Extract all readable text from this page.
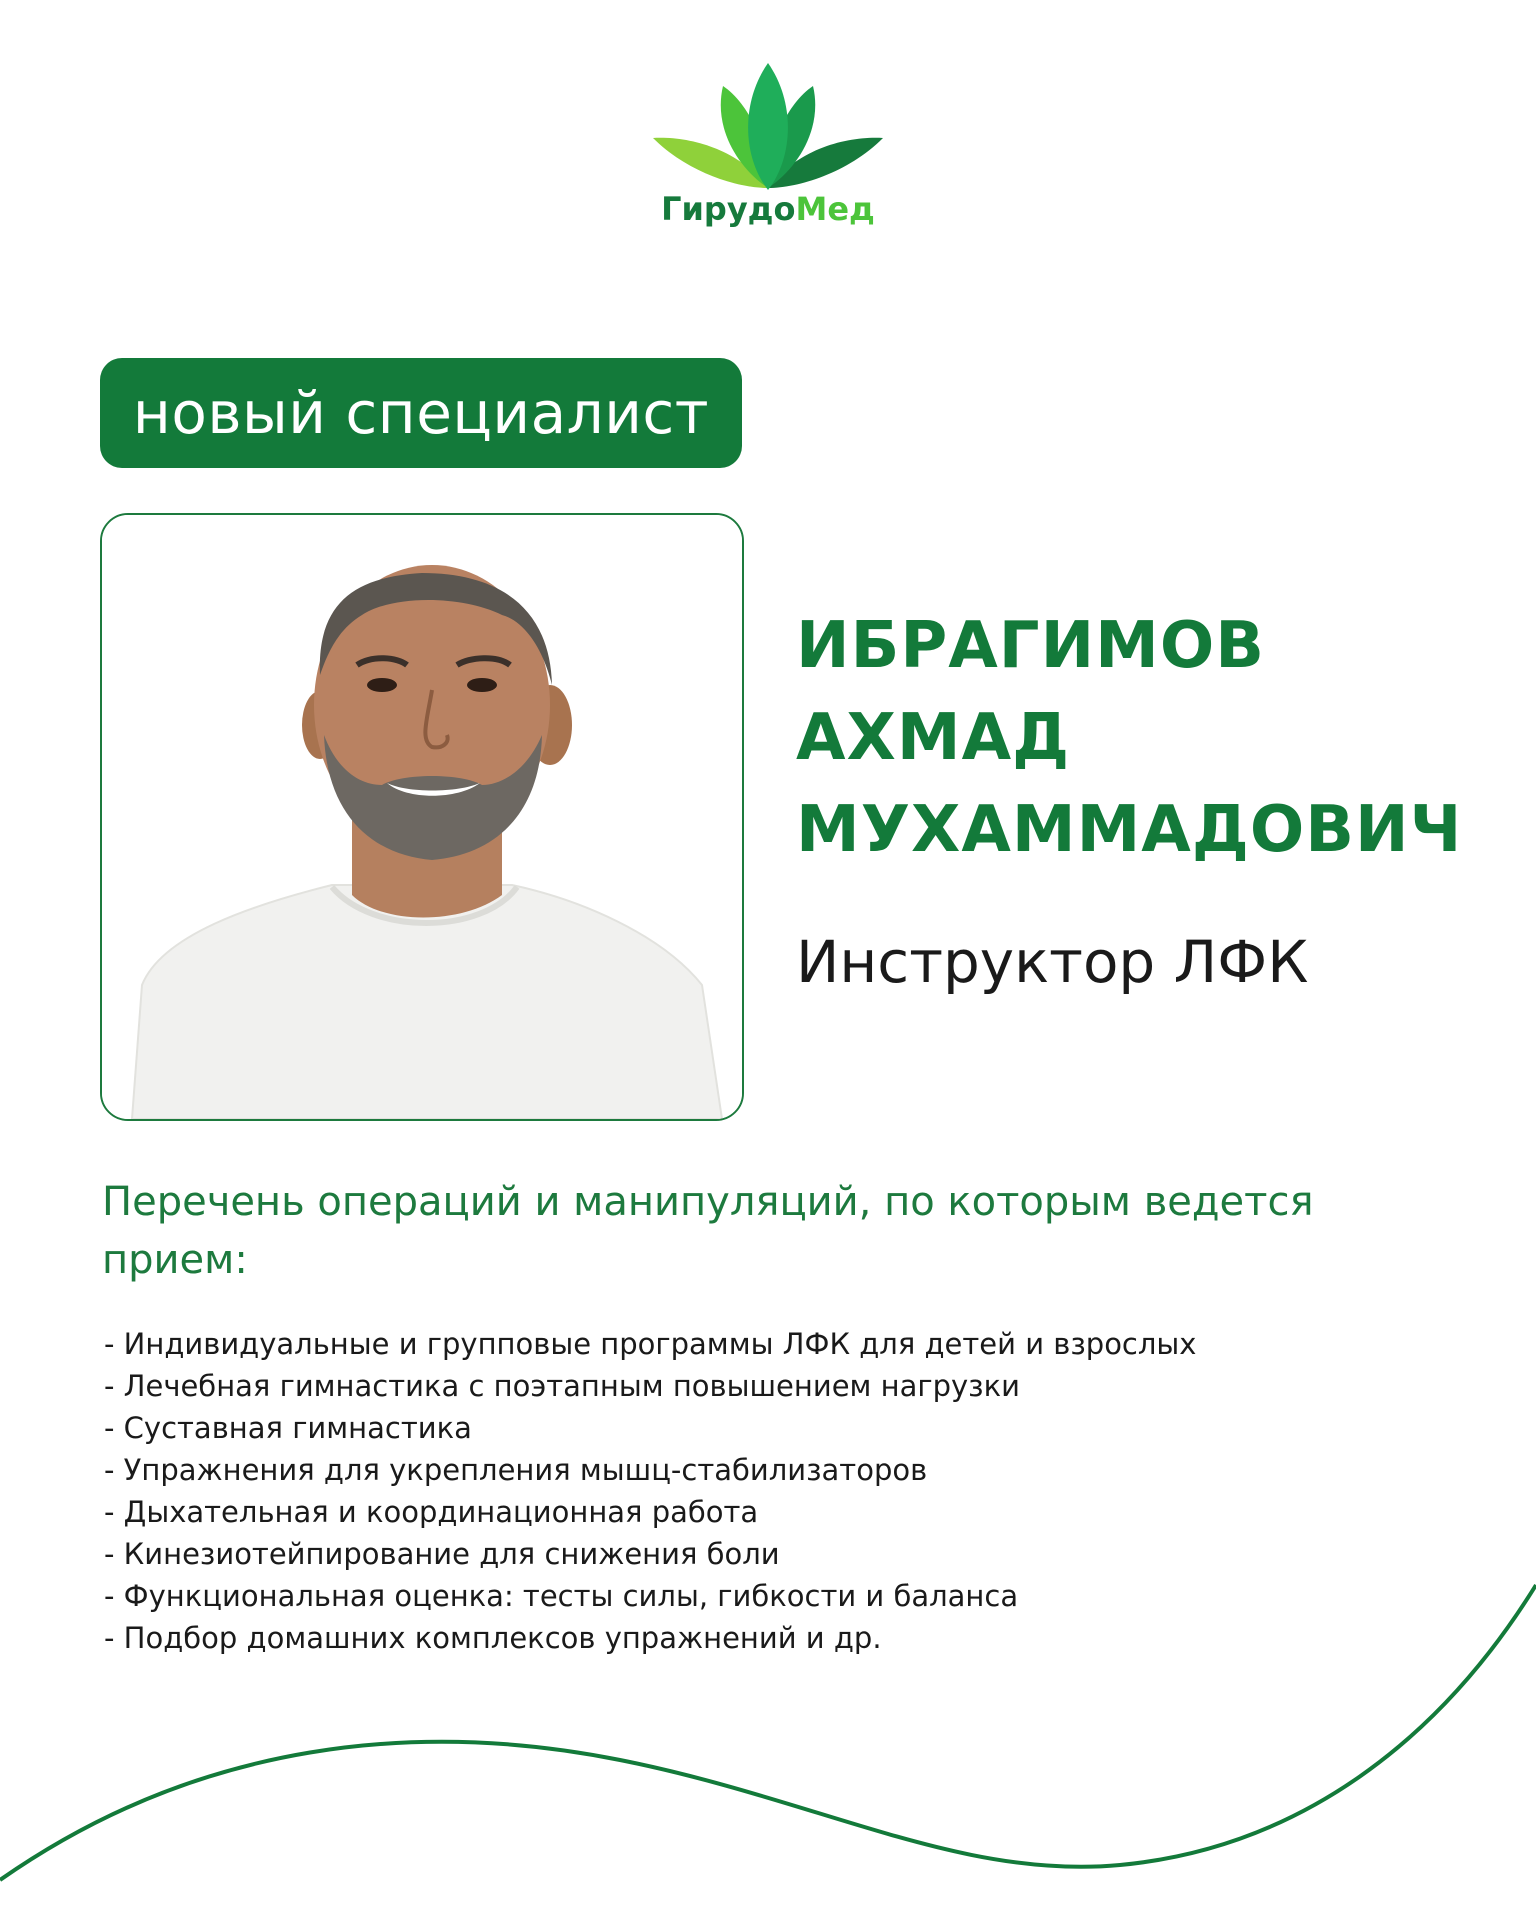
ГирудоМед
новый специалист
ИБРАГИМОВ
АХМАД
МУХАММАДОВИЧ
Инструктор ЛФК
Перечень операций и манипуляций, по которым ведется прием:
- Индивидуальные и групповые программы ЛФК для детей и взрослых
- Лечебная гимнастика с поэтапным повышением нагрузки
- Суставная гимнастика
- Упражнения для укрепления мышц-стабилизаторов
- Дыхательная и координационная работа
- Кинезиотейпирование для снижения боли
- Функциональная оценка: тесты силы, гибкости и баланса
- Подбор домашних комплексов упражнений и др.
